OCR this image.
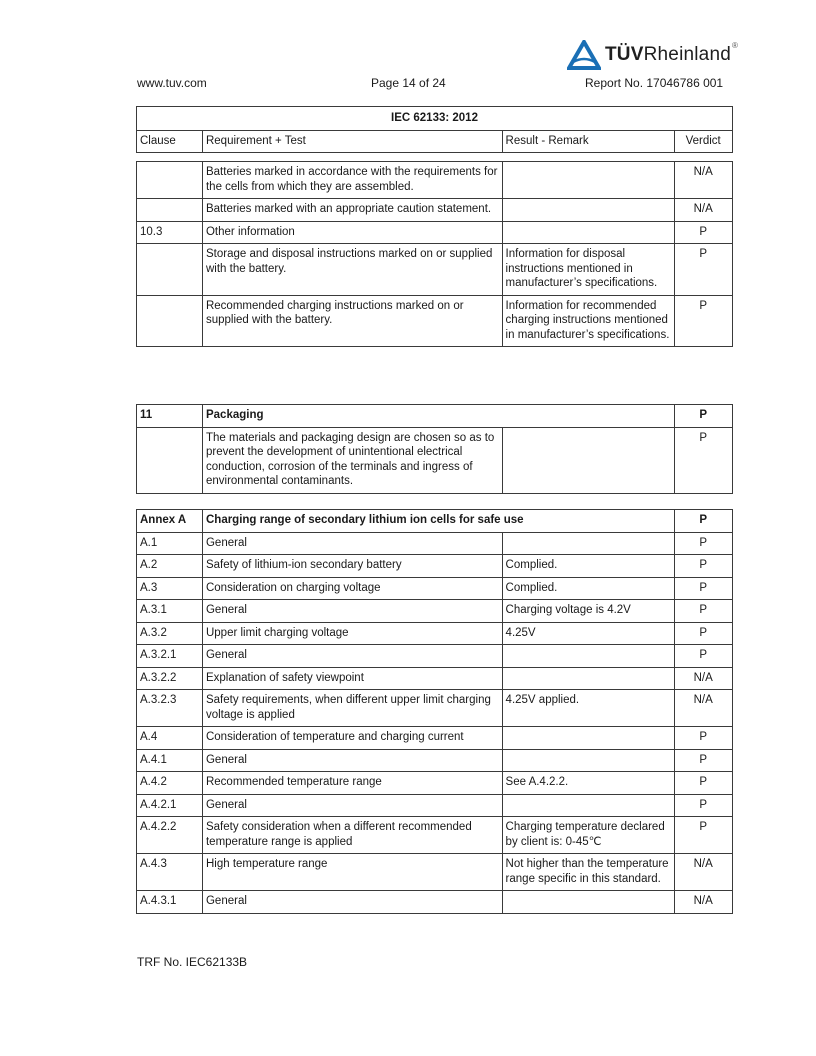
TÜVRheinland®
www.tuv.com	Page 14 of 24	Report No. 17046786 001
IEC 62133: 2012
Clause	Requirement + Test	Result - Remark	Verdict
	Batteries marked in accordance with the requirements for the cells from which they are assembled.		N/A
	Batteries marked with an appropriate caution statement.		N/A
10.3	Other information		P
	Storage and disposal instructions marked on or supplied with the battery.	Information for disposal instructions mentioned in manufacturer’s specifications.	P
	Recommended charging instructions marked on or supplied with the battery.	Information for recommended charging instructions mentioned in manufacturer’s specifications.	P
11	Packaging		P
	The materials and packaging design are chosen so as to prevent the development of unintentional electrical conduction, corrosion of the terminals and ingress of environmental contaminants.		P
Annex A	Charging range of secondary lithium ion cells for safe use		P
A.1	General		P
A.2	Safety of lithium-ion secondary battery	Complied.	P
A.3	Consideration on charging voltage	Complied.	P
A.3.1	General	Charging voltage is 4.2V	P
A.3.2	Upper limit charging voltage	4.25V	P
A.3.2.1	General		P
A.3.2.2	Explanation of safety viewpoint		N/A
A.3.2.3	Safety requirements, when different upper limit charging voltage is applied	4.25V applied.	N/A
A.4	Consideration of temperature and charging current		P
A.4.1	General		P
A.4.2	Recommended temperature range	See A.4.2.2.	P
A.4.2.1	General		P
A.4.2.2	Safety consideration when a different recommended temperature range is applied	Charging temperature declared by client is: 0-45℃	P
A.4.3	High temperature range	Not higher than the temperature range specific in this standard.	N/A
A.4.3.1	General		N/A
TRF No. IEC62133B
